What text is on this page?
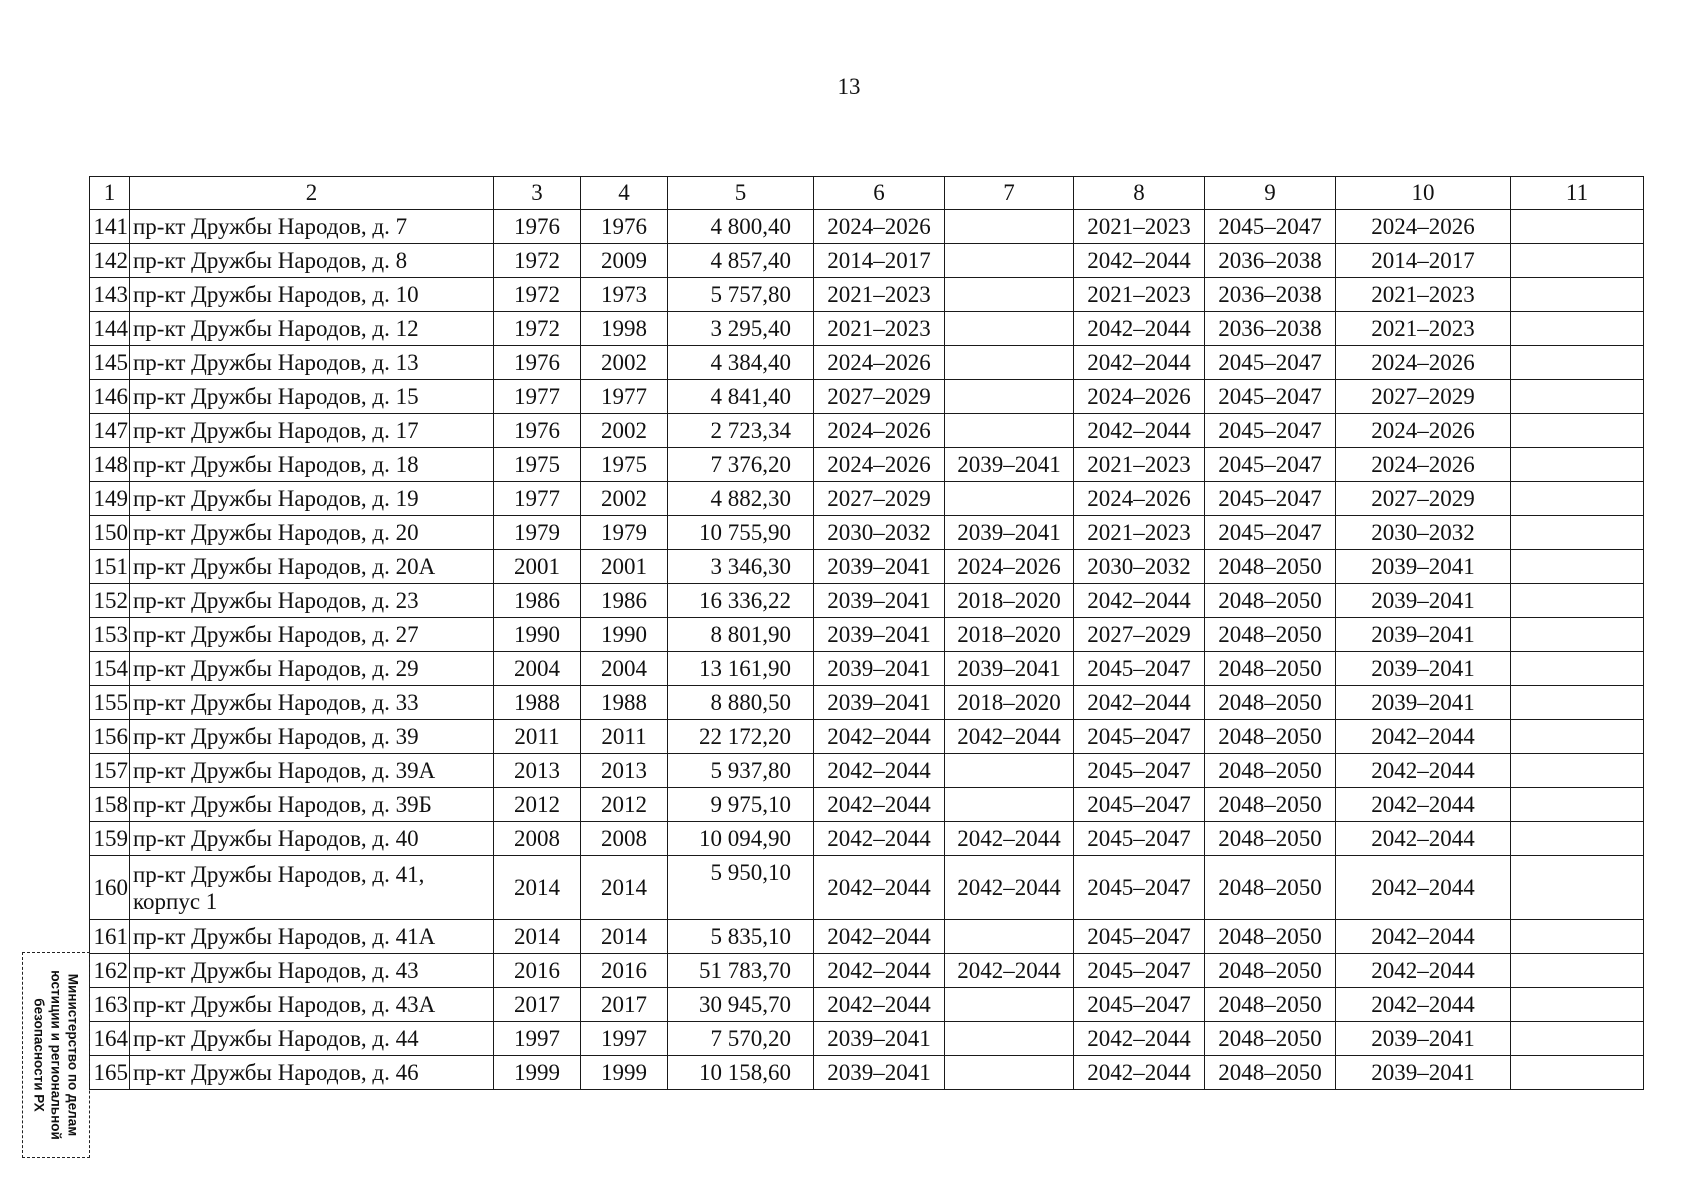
13
1	2	3	4	5	6	7	8	9	10	11
141	пр-кт Дружбы Народов, д. 7	1976	1976	4 800,40	2024–2026		2021–2023	2045–2047	2024–2026	
142	пр-кт Дружбы Народов, д. 8	1972	2009	4 857,40	2014–2017		2042–2044	2036–2038	2014–2017	
143	пр-кт Дружбы Народов, д. 10	1972	1973	5 757,80	2021–2023		2021–2023	2036–2038	2021–2023	
144	пр-кт Дружбы Народов, д. 12	1972	1998	3 295,40	2021–2023		2042–2044	2036–2038	2021–2023	
145	пр-кт Дружбы Народов, д. 13	1976	2002	4 384,40	2024–2026		2042–2044	2045–2047	2024–2026	
146	пр-кт Дружбы Народов, д. 15	1977	1977	4 841,40	2027–2029		2024–2026	2045–2047	2027–2029	
147	пр-кт Дружбы Народов, д. 17	1976	2002	2 723,34	2024–2026		2042–2044	2045–2047	2024–2026	
148	пр-кт Дружбы Народов, д. 18	1975	1975	7 376,20	2024–2026	2039–2041	2021–2023	2045–2047	2024–2026	
149	пр-кт Дружбы Народов, д. 19	1977	2002	4 882,30	2027–2029		2024–2026	2045–2047	2027–2029	
150	пр-кт Дружбы Народов, д. 20	1979	1979	10 755,90	2030–2032	2039–2041	2021–2023	2045–2047	2030–2032	
151	пр-кт Дружбы Народов, д. 20А	2001	2001	3 346,30	2039–2041	2024–2026	2030–2032	2048–2050	2039–2041	
152	пр-кт Дружбы Народов, д. 23	1986	1986	16 336,22	2039–2041	2018–2020	2042–2044	2048–2050	2039–2041	
153	пр-кт Дружбы Народов, д. 27	1990	1990	8 801,90	2039–2041	2018–2020	2027–2029	2048–2050	2039–2041	
154	пр-кт Дружбы Народов, д. 29	2004	2004	13 161,90	2039–2041	2039–2041	2045–2047	2048–2050	2039–2041	
155	пр-кт Дружбы Народов, д. 33	1988	1988	8 880,50	2039–2041	2018–2020	2042–2044	2048–2050	2039–2041	
156	пр-кт Дружбы Народов, д. 39	2011	2011	22 172,20	2042–2044	2042–2044	2045–2047	2048–2050	2042–2044	
157	пр-кт Дружбы Народов, д. 39А	2013	2013	5 937,80	2042–2044		2045–2047	2048–2050	2042–2044	
158	пр-кт Дружбы Народов, д. 39Б	2012	2012	9 975,10	2042–2044		2045–2047	2048–2050	2042–2044	
159	пр-кт Дружбы Народов, д. 40	2008	2008	10 094,90	2042–2044	2042–2044	2045–2047	2048–2050	2042–2044	
160	пр-кт Дружбы Народов, д. 41, корпус 1	2014	2014	5 950,10	2042–2044	2042–2044	2045–2047	2048–2050	2042–2044	
161	пр-кт Дружбы Народов, д. 41А	2014	2014	5 835,10	2042–2044		2045–2047	2048–2050	2042–2044	
162	пр-кт Дружбы Народов, д. 43	2016	2016	51 783,70	2042–2044	2042–2044	2045–2047	2048–2050	2042–2044	
163	пр-кт Дружбы Народов, д. 43А	2017	2017	30 945,70	2042–2044		2045–2047	2048–2050	2042–2044	
164	пр-кт Дружбы Народов, д. 44	1997	1997	7 570,20	2039–2041		2042–2044	2048–2050	2039–2041	
165	пр-кт Дружбы Народов, д. 46	1999	1999	10 158,60	2039–2041		2042–2044	2048–2050	2039–2041	
Министерство по делам
юстиции и региональной
безопасности РХ
